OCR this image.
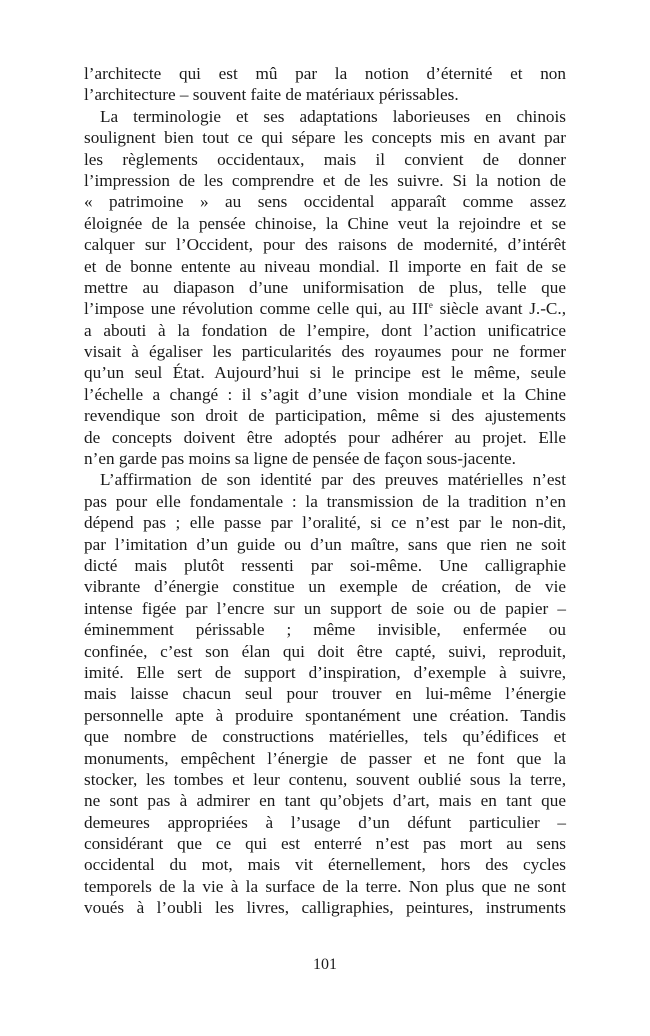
l’architecte qui est mû par la notion d’éternité et non
l’architecture – souvent faite de matériaux périssables.
La terminologie et ses adaptations laborieuses en chinois
soulignent bien tout ce qui sépare les concepts mis en avant par
les règlements occidentaux, mais il convient de donner
l’impression de les comprendre et de les suivre. Si la notion de
« patrimoine » au sens occidental apparaît comme assez
éloignée de la pensée chinoise, la Chine veut la rejoindre et se
calquer sur l’Occident, pour des raisons de modernité, d’intérêt
et de bonne entente au niveau mondial. Il importe en fait de se
mettre au diapason d’une uniformisation de plus, telle que
l’impose une révolution comme celle qui, au IIIe siècle avant J.-C.,
a abouti à la fondation de l’empire, dont l’action unificatrice
visait à égaliser les particularités des royaumes pour ne former
qu’un seul État. Aujourd’hui si le principe est le même, seule
l’échelle a changé : il s’agit d’une vision mondiale et la Chine
revendique son droit de participation, même si des ajustements
de concepts doivent être adoptés pour adhérer au projet. Elle
n’en garde pas moins sa ligne de pensée de façon sous-jacente.
L’affirmation de son identité par des preuves matérielles n’est
pas pour elle fondamentale : la transmission de la tradition n’en
dépend pas ; elle passe par l’oralité, si ce n’est par le non-dit,
par l’imitation d’un guide ou d’un maître, sans que rien ne soit
dicté mais plutôt ressenti par soi-même. Une calligraphie
vibrante d’énergie constitue un exemple de création, de vie
intense figée par l’encre sur un support de soie ou de papier –
éminemment périssable ; même invisible, enfermée ou
confinée, c’est son élan qui doit être capté, suivi, reproduit,
imité. Elle sert de support d’inspiration, d’exemple à suivre,
mais laisse chacun seul pour trouver en lui-même l’énergie
personnelle apte à produire spontanément une création. Tandis
que nombre de constructions matérielles, tels qu’édifices et
monuments, empêchent l’énergie de passer et ne font que la
stocker, les tombes et leur contenu, souvent oublié sous la terre,
ne sont pas à admirer en tant qu’objets d’art, mais en tant que
demeures appropriées à l’usage d’un défunt particulier –
considérant que ce qui est enterré n’est pas mort au sens
occidental du mot, mais vit éternellement, hors des cycles
temporels de la vie à la surface de la terre. Non plus que ne sont
voués à l’oubli les livres, calligraphies, peintures, instruments
101
